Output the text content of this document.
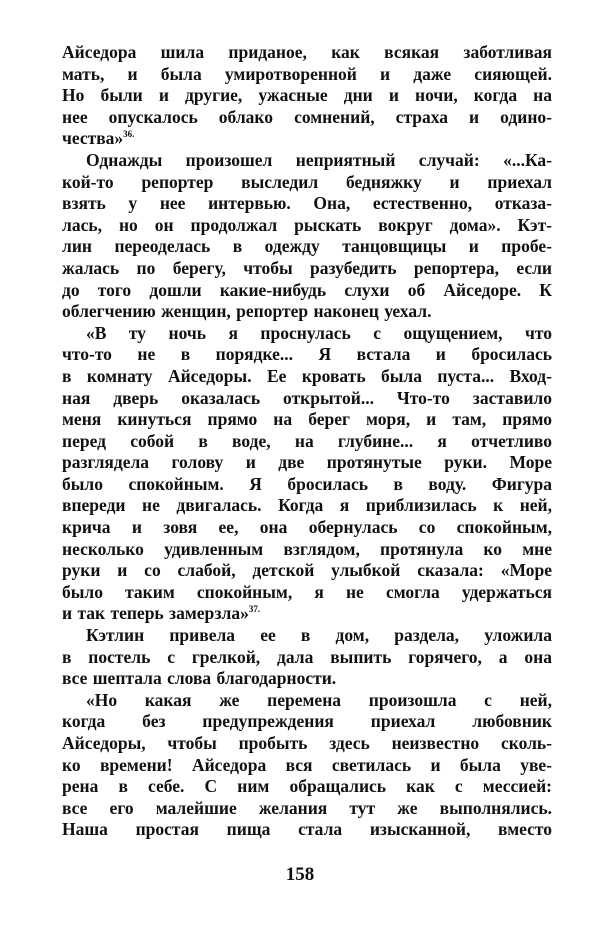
Айседора шила приданое, как всякая заботливая
мать, и была умиротворенной и даже сияющей.
Но были и другие, ужасные дни и ночи, когда на
нее опускалось облако сомнений, страха и одино-
чества»$^{36.}$
Однажды произошел неприятный случай: «...Ка-
кой-то репортер выследил бедняжку и приехал
взять у нее интервью. Она, естественно, отказа-
лась, но он продолжал рыскать вокруг дома». Кэт-
лин переоделась в одежду танцовщицы и пробе-
жалась по берегу, чтобы разубедить репортера, если
до того дошли какие-нибудь слухи об Айседоре. К
облегчению женщин, репортер наконец уехал.
«В ту ночь я проснулась с ощущением, что
что-то не в порядке... Я встала и бросилась
в комнату Айседоры. Ее кровать была пуста... Вход-
ная дверь оказалась открытой... Что-то заставило
меня кинуться прямо на берег моря, и там, прямо
перед собой в воде, на глубине... я отчетливо
разглядела голову и две протянутые руки. Море
было спокойным. Я бросилась в воду. Фигура
впереди не двигалась. Когда я приблизилась к ней,
крича и зовя ее, она обернулась со спокойным,
несколько удивленным взглядом, протянула ко мне
руки и со слабой, детской улыбкой сказала: «Море
было таким спокойным, я не смогла удержаться
и так теперь замерзла»$^{37.}$
Кэтлин привела ее в дом, раздела, уложила
в постель с грелкой, дала выпить горячего, а она
все шептала слова благодарности.
«Но какая же перемена произошла с ней,
когда без предупреждения приехал любовник
Айседоры, чтобы пробыть здесь неизвестно сколь-
ко времени! Айседора вся светилась и была уве-
рена в себе. С ним обращались как с мессией:
все его малейшие желания тут же выполнялись.
Наша простая пища стала изысканной, вместо
158
